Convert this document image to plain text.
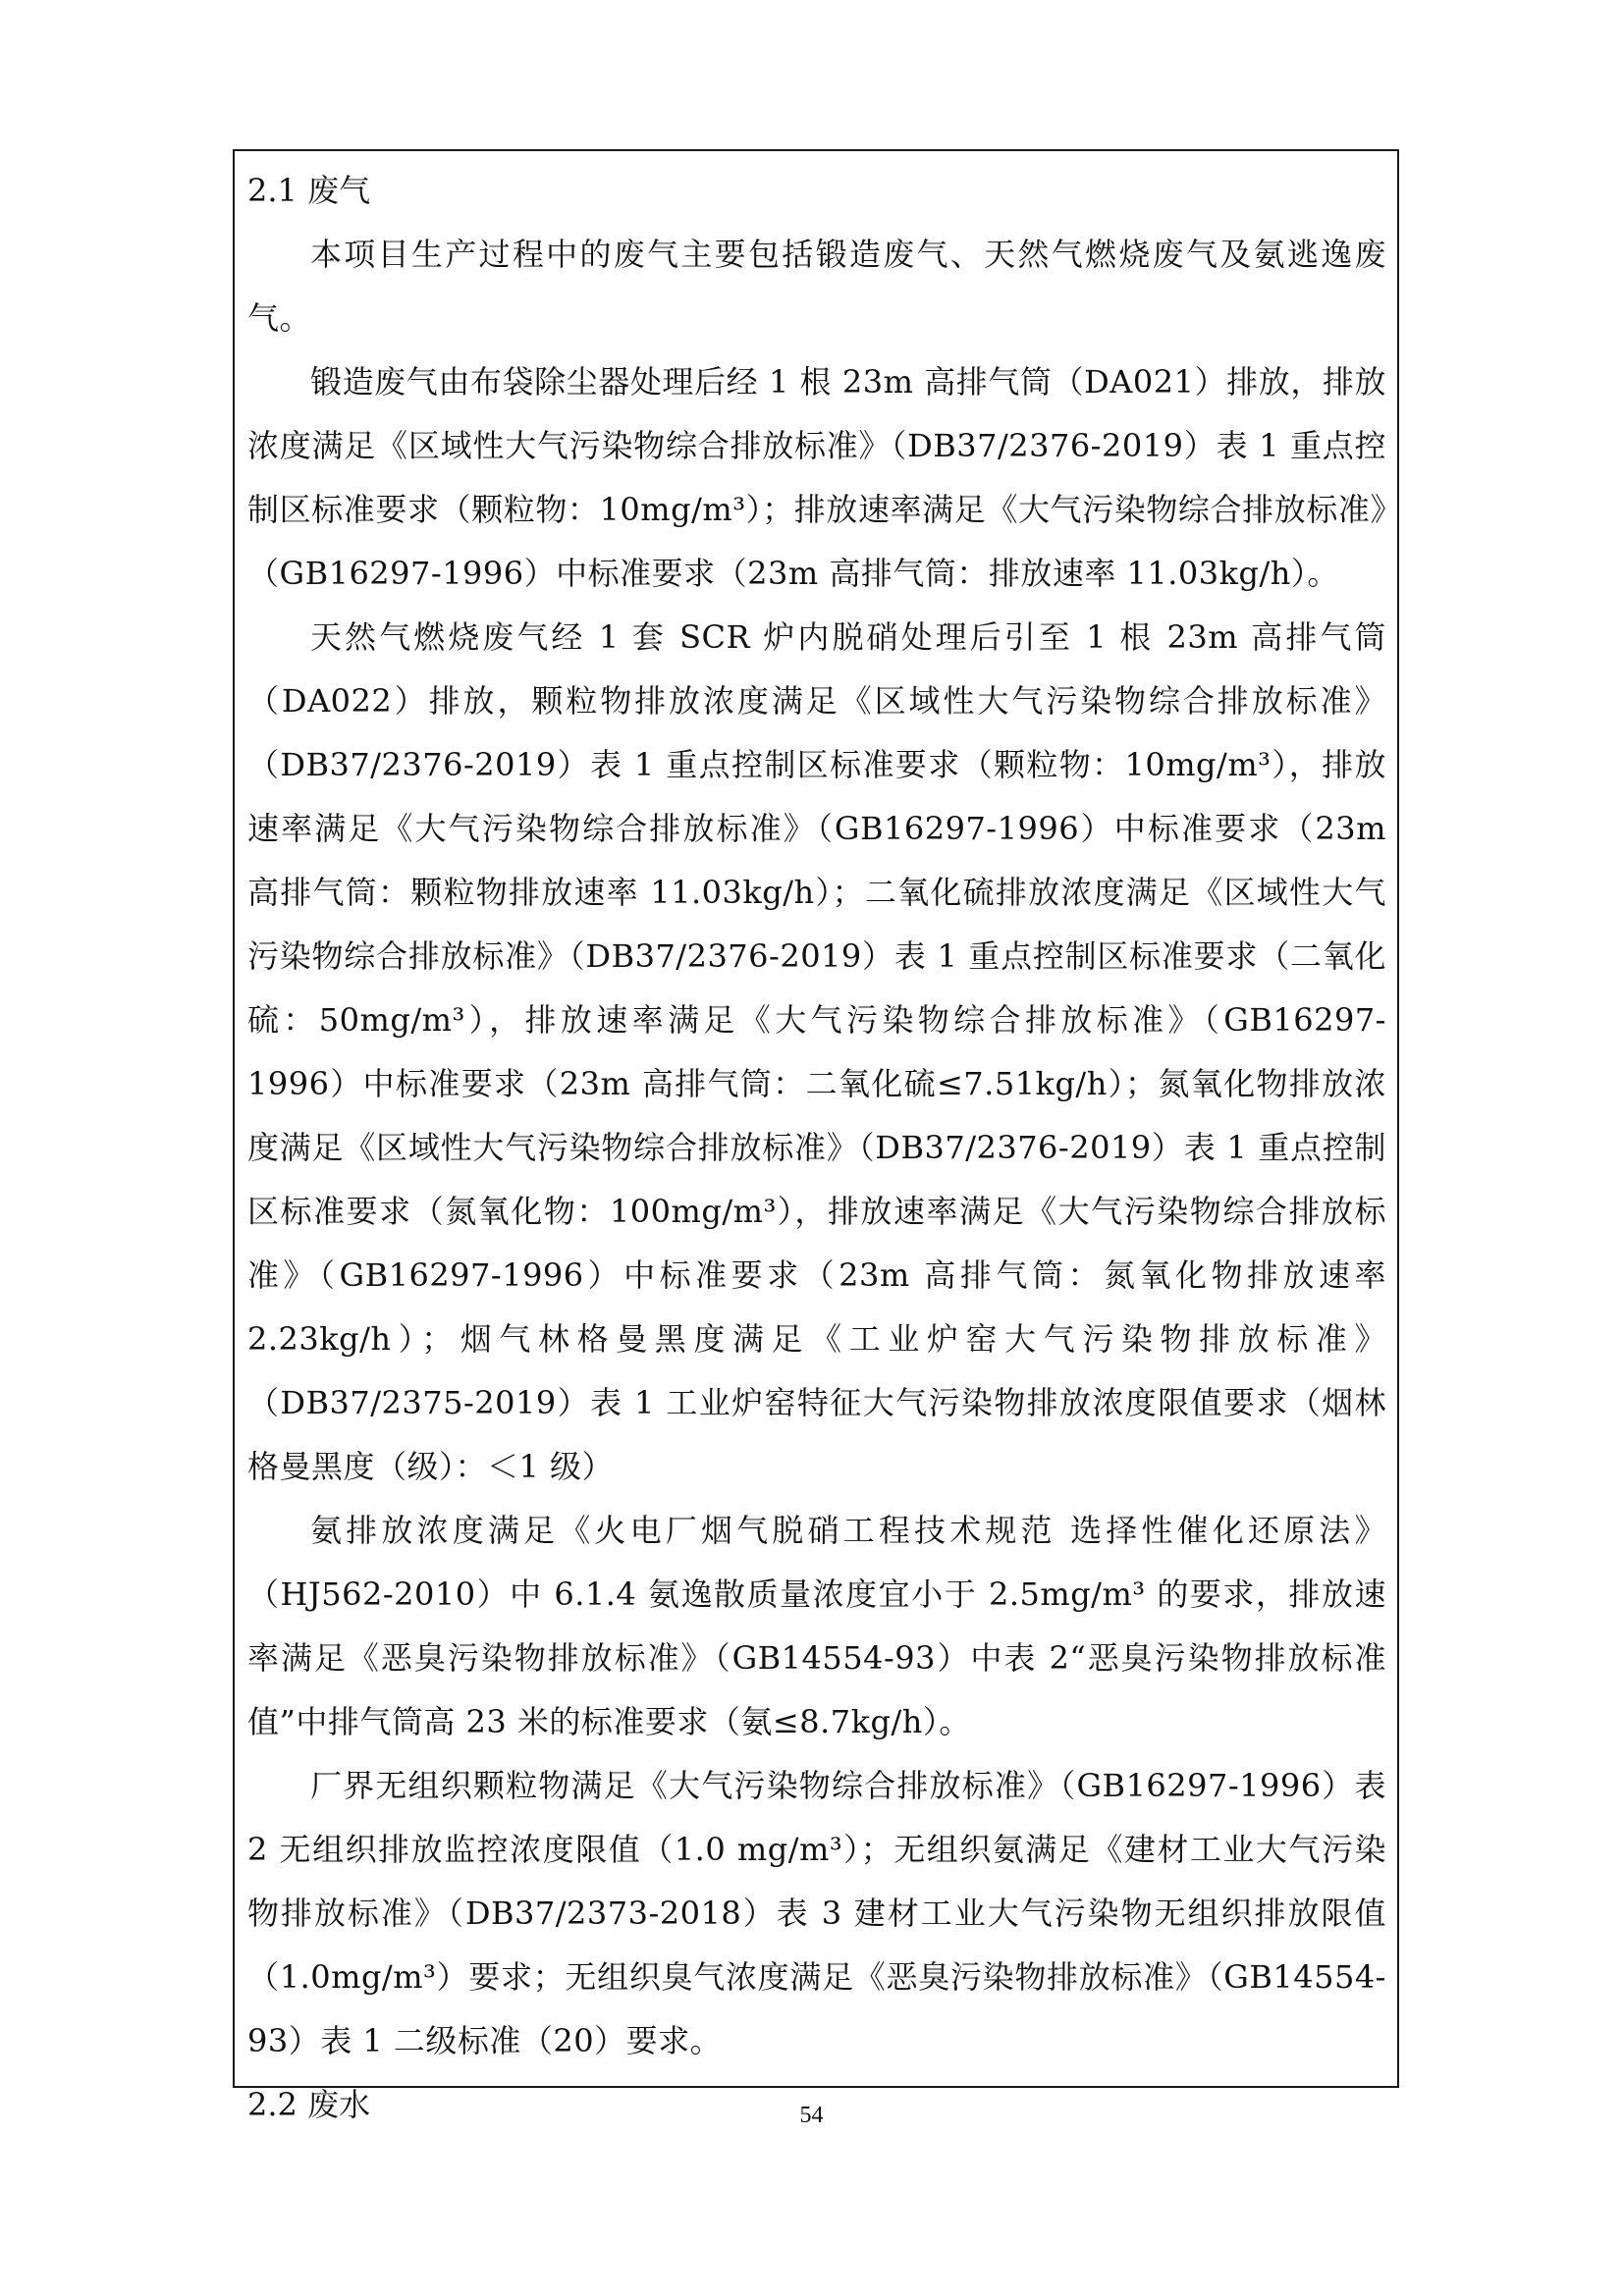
2.1 废气

本项目生产过程中的废气主要包括锻造废气、天然气燃烧废气及氨逃逸废气。

锻造废气由布袋除尘器处理后经 1 根 23m 高排气筒（DA021）排放，排放浓度满足《区域性大气污染物综合排放标准》（DB37/2376-2019）表 1 重点控制区标准要求（颗粒物：10mg/m³）；排放速率满足《大气污染物综合排放标准》（GB16297-1996）中标准要求（23m 高排气筒：排放速率 11.03kg/h）。

天然气燃烧废气经 1 套 SCR 炉内脱硝处理后引至 1 根 23m 高排气筒（DA022）排放，颗粒物排放浓度满足《区域性大气污染物综合排放标准》（DB37/2376-2019）表 1 重点控制区标准要求（颗粒物：10mg/m³），排放速率满足《大气污染物综合排放标准》（GB16297-1996）中标准要求（23m 高排气筒：颗粒物排放速率 11.03kg/h）；二氧化硫排放浓度满足《区域性大气污染物综合排放标准》（DB37/2376-2019）表 1 重点控制区标准要求（二氧化硫：50mg/m³），排放速率满足《大气污染物综合排放标准》（GB16297-1996）中标准要求（23m 高排气筒：二氧化硫≤7.51kg/h）；氮氧化物排放浓度满足《区域性大气污染物综合排放标准》（DB37/2376-2019）表 1 重点控制区标准要求（氮氧化物：100mg/m³），排放速率满足《大气污染物综合排放标准》（GB16297-1996）中标准要求（23m 高排气筒：氮氧化物排放速率 2.23kg/h）；烟气林格曼黑度满足《工业炉窑大气污染物排放标准》（DB37/2375-2019）表 1 工业炉窑特征大气污染物排放浓度限值要求（烟林格曼黑度（级）：＜1 级）

氨排放浓度满足《火电厂烟气脱硝工程技术规范 选择性催化还原法》（HJ562-2010）中 6.1.4 氨逸散质量浓度宜小于 2.5mg/m³ 的要求，排放速率满足《恶臭污染物排放标准》（GB14554-93）中表 2“恶臭污染物排放标准值”中排气筒高 23 米的标准要求（氨≤8.7kg/h）。

厂界无组织颗粒物满足《大气污染物综合排放标准》（GB16297-1996）表 2 无组织排放监控浓度限值（1.0 mg/m³）；无组织氨满足《建材工业大气污染物排放标准》（DB37/2373-2018）表 3 建材工业大气污染物无组织排放限值（1.0mg/m³）要求；无组织臭气浓度满足《恶臭污染物排放标准》（GB14554-93）表 1 二级标准（20）要求。

2.2 废水	54
